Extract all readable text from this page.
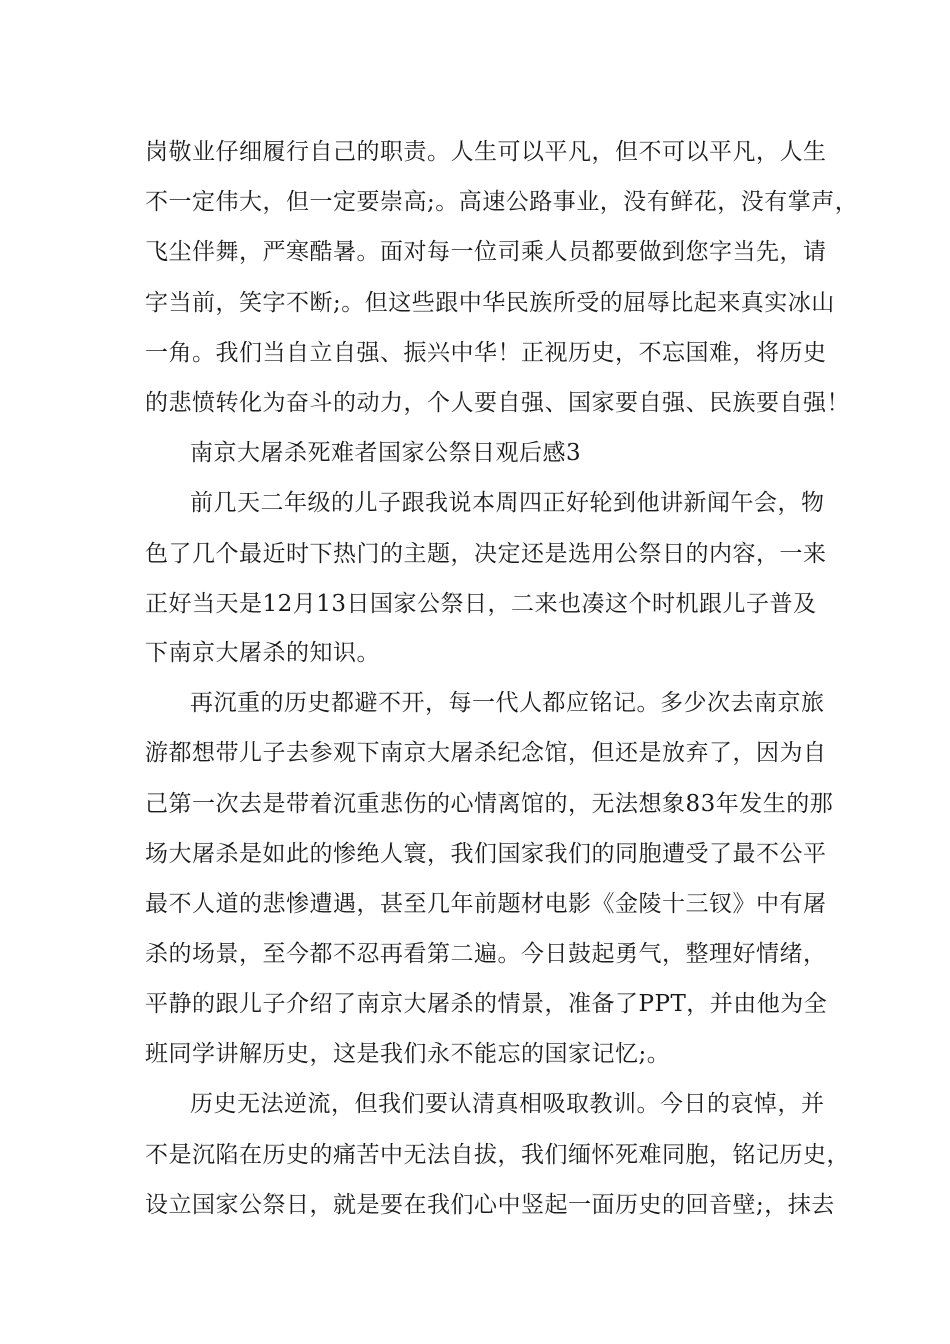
岗敬业仔细履行自己的职责。人生可以平凡，但不可以平凡，人生
不一定伟大，但一定要崇高;。高速公路事业，没有鲜花，没有掌声，
飞尘伴舞，严寒酷暑。面对每一位司乘人员都要做到您字当先，请
字当前，笑字不断;。但这些跟中华民族所受的屈辱比起来真实冰山
一角。我们当自立自强、振兴中华！正视历史，不忘国难，将历史
的悲愤转化为奋斗的动力，个人要自强、国家要自强、民族要自强！
南京大屠杀死难者国家公祭日观后感3
前几天二年级的儿子跟我说本周四正好轮到他讲新闻午会，物
色了几个最近时下热门的主题，决定还是选用公祭日的内容，一来
正好当天是12月13日国家公祭日，二来也凑这个时机跟儿子普及
下南京大屠杀的知识。
再沉重的历史都避不开，每一代人都应铭记。多少次去南京旅
游都想带儿子去参观下南京大屠杀纪念馆，但还是放弃了，因为自
己第一次去是带着沉重悲伤的心情离馆的，无法想象83年发生的那
场大屠杀是如此的惨绝人寰，我们国家我们的同胞遭受了最不公平
最不人道的悲惨遭遇，甚至几年前题材电影《金陵十三钗》中有屠
杀的场景，至今都不忍再看第二遍。今日鼓起勇气，整理好情绪，
平静的跟儿子介绍了南京大屠杀的情景，准备了PPT，并由他为全
班同学讲解历史，这是我们永不能忘的国家记忆;。
历史无法逆流，但我们要认清真相吸取教训。今日的哀悼，并
不是沉陷在历史的痛苦中无法自拔，我们缅怀死难同胞，铭记历史，
设立国家公祭日，就是要在我们心中竖起一面历史的回音壁;，抹去
